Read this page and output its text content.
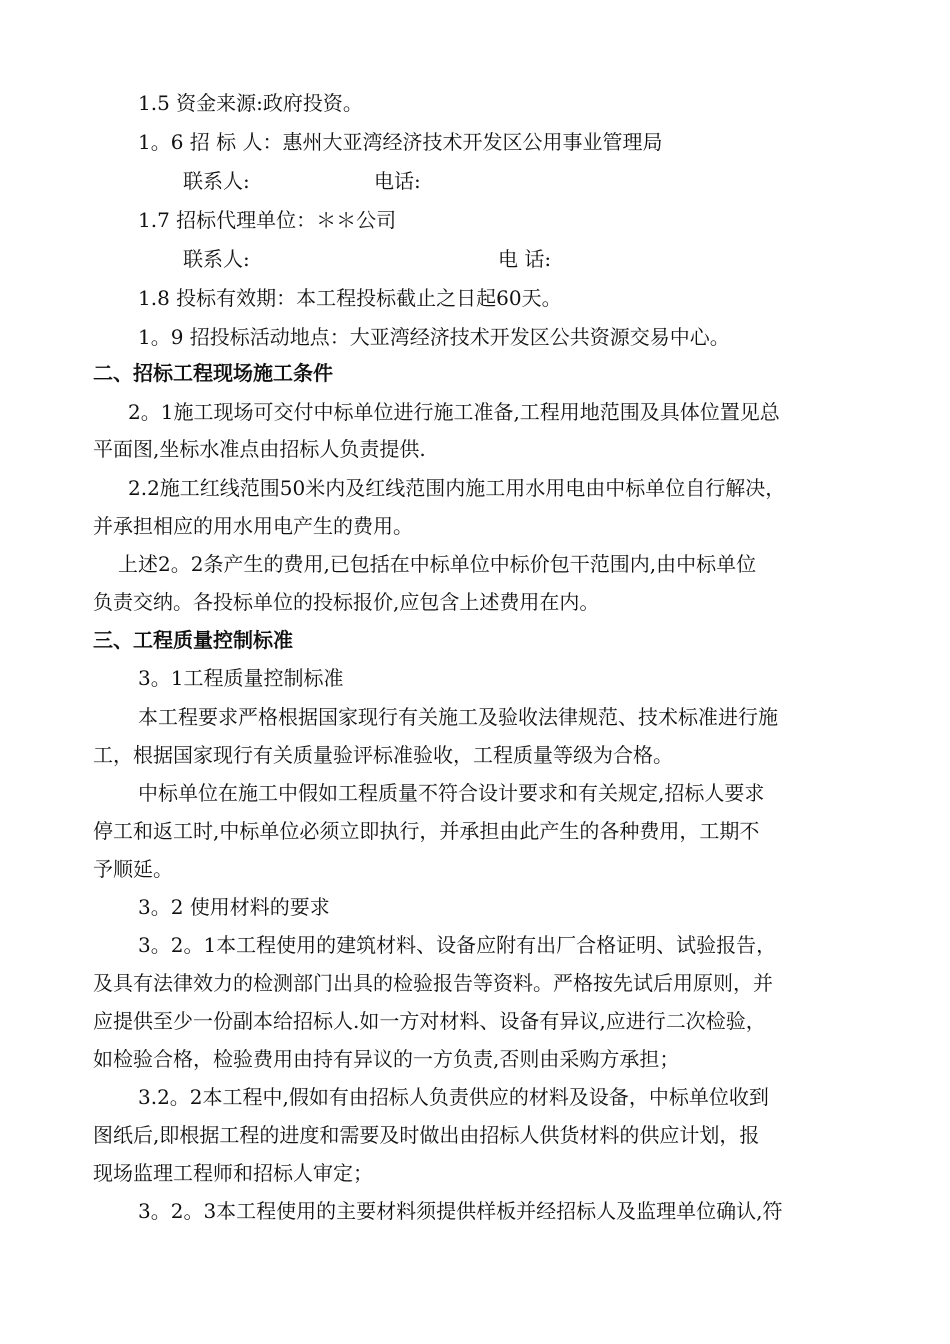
1.5 资金来源:政府投资。
1。6 招 标 人：惠州大亚湾经济技术开发区公用事业管理局
联系人:	电话:
1.7 招标代理单位：＊＊公司
联系人:	电 话:
1.8 投标有效期：本工程投标截止之日起60天。
1。9 招投标活动地点：大亚湾经济技术开发区公共资源交易中心。
二、招标工程现场施工条件
2。1施工现场可交付中标单位进行施工准备,工程用地范围及具体位置见总
平面图,坐标水准点由招标人负责提供.
2.2施工红线范围50米内及红线范围内施工用水用电由中标单位自行解决，
并承担相应的用水用电产生的费用。
上述2。2条产生的费用,已包括在中标单位中标价包干范围内,由中标单位
负责交纳。各投标单位的投标报价,应包含上述费用在内。
三、工程质量控制标准
3。1工程质量控制标准
本工程要求严格根据国家现行有关施工及验收法律规范、技术标准进行施
工，根据国家现行有关质量验评标准验收，工程质量等级为合格。
中标单位在施工中假如工程质量不符合设计要求和有关规定,招标人要求
停工和返工时,中标单位必须立即执行，并承担由此产生的各种费用，工期不
予顺延。
3。2 使用材料的要求
3。2。1本工程使用的建筑材料、设备应附有出厂合格证明、试验报告，
及具有法律效力的检测部门出具的检验报告等资料。严格按先试后用原则，并
应提供至少一份副本给招标人.如一方对材料、设备有异议,应进行二次检验，
如检验合格，检验费用由持有异议的一方负责,否则由采购方承担；
3.2。2本工程中,假如有由招标人负责供应的材料及设备，中标单位收到
图纸后,即根据工程的进度和需要及时做出由招标人供货材料的供应计划，报
现场监理工程师和招标人审定；
3。2。3本工程使用的主要材料须提供样板并经招标人及监理单位确认,符
